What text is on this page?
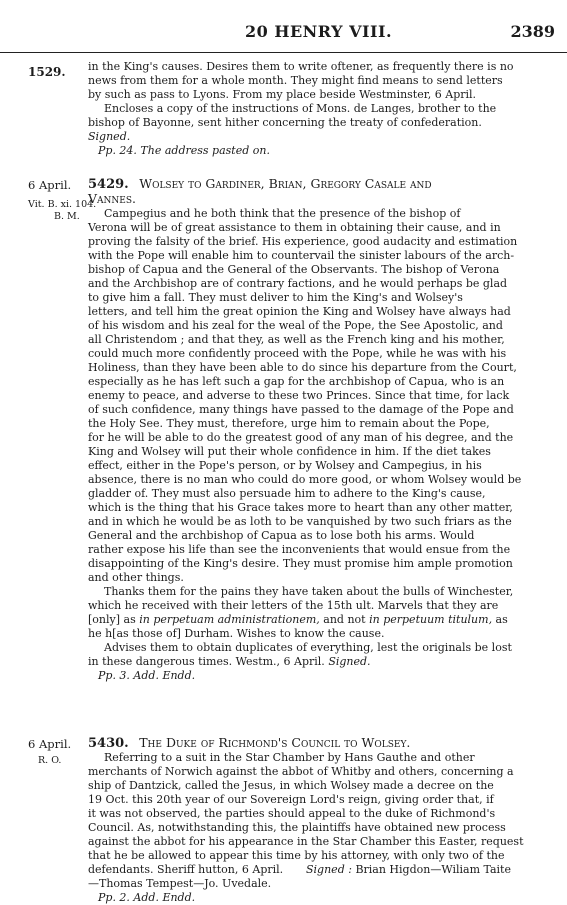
20 HENRY VIII.	2389
1529. in the King's causes. Desires them to write oftener, as frequently there is no

news from them for a whole month. They might find means to send letters

by such as pass to Lyons. From my place beside Westminster, 6 April.

Encloses a copy of the instructions of Mons. de Langes, brother to the

bishop of Bayonne, sent hither concerning the treaty of confederation.

Signed.

Pp. 24. The address pasted on.

6 April.
Vit. B. xi. 104.
B. M.

5429. Wolsey to Gardiner, Brian, Gregory Casale and

Vannes.

Campegius and he both think that the presence of the bishop of

Verona will be of great assistance to them in obtaining their cause, and in

proving the falsity of the brief. His experience, good audacity and estimation

with the Pope will enable him to countervail the sinister labours of the arch-

bishop of Capua and the General of the Observants. The bishop of Verona

and the Archbishop are of contrary factions, and he would perhaps be glad

to give him a fall. They must deliver to him the King's and Wolsey's

letters, and tell him the great opinion the King and Wolsey have always had

of his wisdom and his zeal for the weal of the Pope, the See Apostolic, and

all Christendom ; and that they, as well as the French king and his mother,

could much more confidently proceed with the Pope, while he was with his

Holiness, than they have been able to do since his departure from the Court,

especially as he has left such a gap for the archbishop of Capua, who is an

enemy to peace, and adverse to these two Princes. Since that time, for lack

of such confidence, many things have passed to the damage of the Pope and

the Holy See. They must, therefore, urge him to remain about the Pope,

for he will be able to do the greatest good of any man of his degree, and the

King and Wolsey will put their whole confidence in him. If the diet takes

effect, either in the Pope's person, or by Wolsey and Campegius, in his

absence, there is no man who could do more good, or whom Wolsey would be

gladder of. They must also persuade him to adhere to the King's cause,

which is the thing that his Grace takes more to heart than any other matter,

and in which he would be as loth to be vanquished by two such friars as the

General and the archbishop of Capua as to lose both his arms. Would

rather expose his life than see the inconvenients that would ensue from the

disappointing of the King's desire. They must promise him ample promotion

and other things.

Thanks them for the pains they have taken about the bulls of Winchester,

which he received with their letters of the 15th ult. Marvels that they are

[only] as in perpetuam administrationem, and not in perpetuum titulum, as

he h[as those of] Durham. Wishes to know the cause.

Advises them to obtain duplicates of everything, lest the originals be lost

in these dangerous times. Westm., 6 April. Signed.

Pp. 3. Add. Endd.

6 April.
R. O.

5430. The Duke of Richmond's Council to Wolsey.

Referring to a suit in the Star Chamber by Hans Gauthe and other

merchants of Norwich against the abbot of Whitby and others, concerning a

ship of Dantzick, called the Jesus, in which Wolsey made a decree on the

19 Oct. this 20th year of our Sovereign Lord's reign, giving order that, if

it was not observed, the parties should appeal to the duke of Richmond's

Council. As, notwithstanding this, the plaintiffs have obtained new process

against the abbot for his appearance in the Star Chamber this Easter, request

that he be allowed to appear this time by his attorney, with only two of the

defendants. Sheriff hutton, 6 April.	Signed : Brian Higdon—Wiliam Taite

—Thomas Tempest—Jo. Uvedale.

Pp. 2. Add. Endd.
